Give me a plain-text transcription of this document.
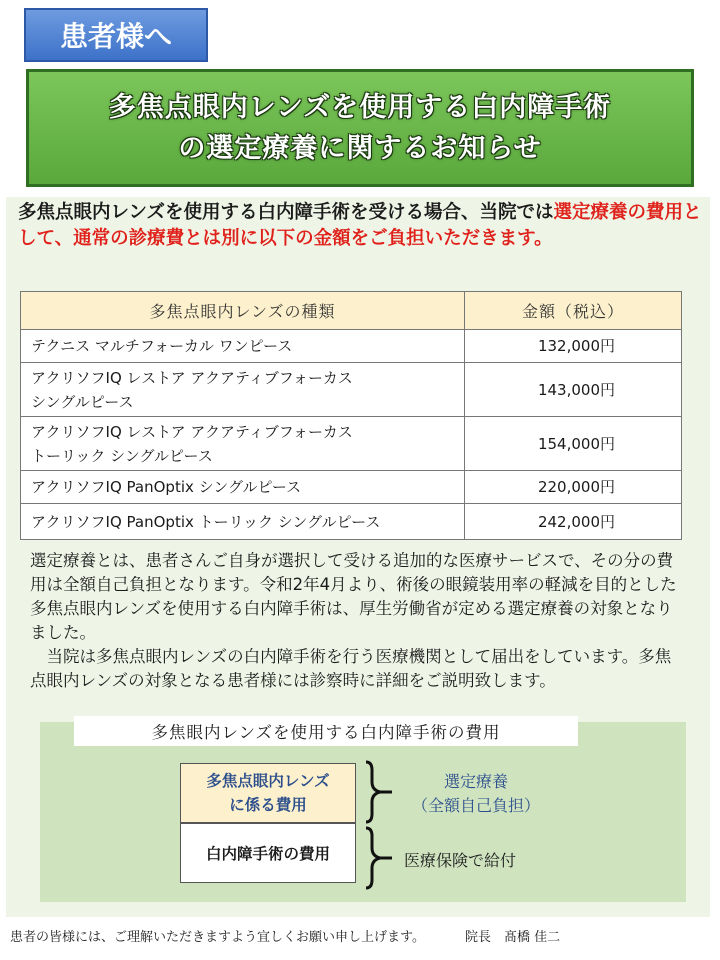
患者様へ
多焦点眼内レンズを使用する白内障手術
の選定療養に関するお知らせ
多焦点眼内レンズを使用する白内障手術を受ける場合、当院では選定療養の費用として、通常の診療費とは別に以下の金額をご負担いただきます。
多焦点眼内レンズの種類	金額（税込）
テクニス マルチフォーカル ワンピース	132,000円
アクリソフIQ レストア アクアティブフォーカス
シングルピース	143,000円
アクリソフIQ レストア アクアティブフォーカス
トーリック シングルピース	154,000円
アクリソフIQ PanOptix シングルピース	220,000円
アクリソフIQ PanOptix トーリック シングルピース	242,000円

選定療養とは、患者さんご自身が選択して受ける追加的な医療サービスで、その分の費用は全額自己負担となります。令和2年4月より、術後の眼鏡装用率の軽減を目的とした多焦点眼内レンズを使用する白内障手術は、厚生労働省が定める選定療養の対象となりました。

当院は多焦点眼内レンズの白内障手術を行う医療機関として届出をしています。多焦点眼内レンズの対象となる患者様には診察時に詳細をご説明致します。

多焦眼内レンズを使用する白内障手術の費用
多焦点眼内レンズ
に係る費用
白内障手術の費用
選定療養
（全額自己負担）
医療保険で給付
患者の皆様には、ご理解いただきますよう宜しくお願い申し上げます。	院長　髙橋 佳二
